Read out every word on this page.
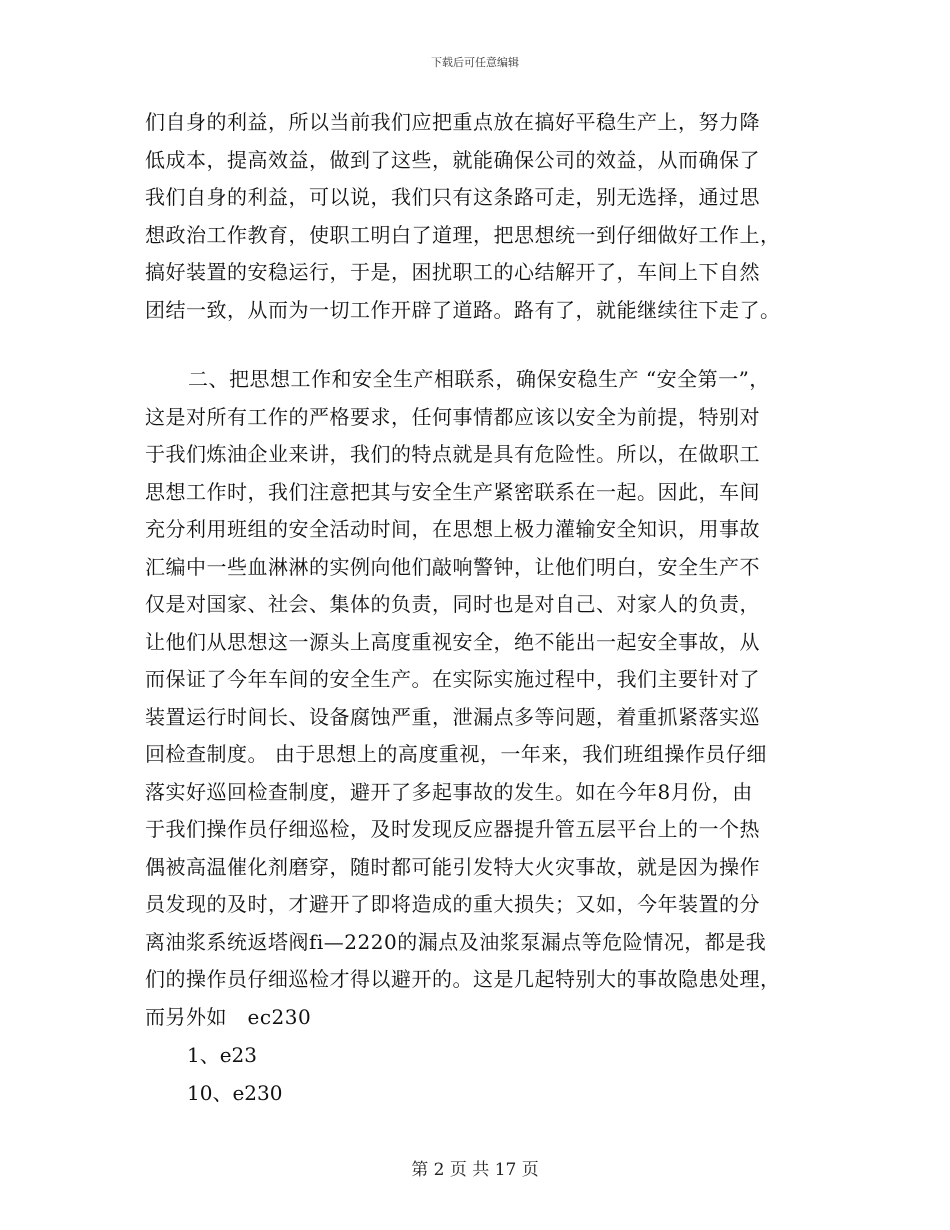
下载后可任意编辑
们自身的利益，所以当前我们应把重点放在搞好平稳生产上，努力降
低成本，提高效益，做到了这些，就能确保公司的效益，从而确保了
我们自身的利益，可以说，我们只有这条路可走，别无选择，通过思
想政治工作教育，使职工明白了道理，把思想统一到仔细做好工作上，
搞好装置的安稳运行，于是，困扰职工的心结解开了，车间上下自然
团结一致，从而为一切工作开辟了道路。路有了，就能继续往下走了。
二、把思想工作和安全生产相联系，确保安稳生产 “安全第一”，
这是对所有工作的严格要求，任何事情都应该以安全为前提，特别对
于我们炼油企业来讲，我们的特点就是具有危险性。所以，在做职工
思想工作时，我们注意把其与安全生产紧密联系在一起。因此，车间
充分利用班组的安全活动时间，在思想上极力灌输安全知识，用事故
汇编中一些血淋淋的实例向他们敲响警钟，让他们明白，安全生产不
仅是对国家、社会、集体的负责，同时也是对自己、对家人的负责，
让他们从思想这一源头上高度重视安全，绝不能出一起安全事故，从
而保证了今年车间的安全生产。在实际实施过程中，我们主要针对了
装置运行时间长、设备腐蚀严重，泄漏点多等问题，着重抓紧落实巡
回检查制度。 由于思想上的高度重视，一年来，我们班组操作员仔细
落实好巡回检查制度，避开了多起事故的发生。如在今年8月份，由
于我们操作员仔细巡检，及时发现反应器提升管五层平台上的一个热
偶被高温催化剂磨穿，随时都可能引发特大火灾事故，就是因为操作
员发现的及时，才避开了即将造成的重大损失；又如，今年装置的分
离油浆系统返塔阀fi—2220的漏点及油浆泵漏点等危险情况，都是我
们的操作员仔细巡检才得以避开的。这是几起特别大的事故隐患处理，
而另外如　ec230
1、e23
10、e230
第 2 页 共 17 页
